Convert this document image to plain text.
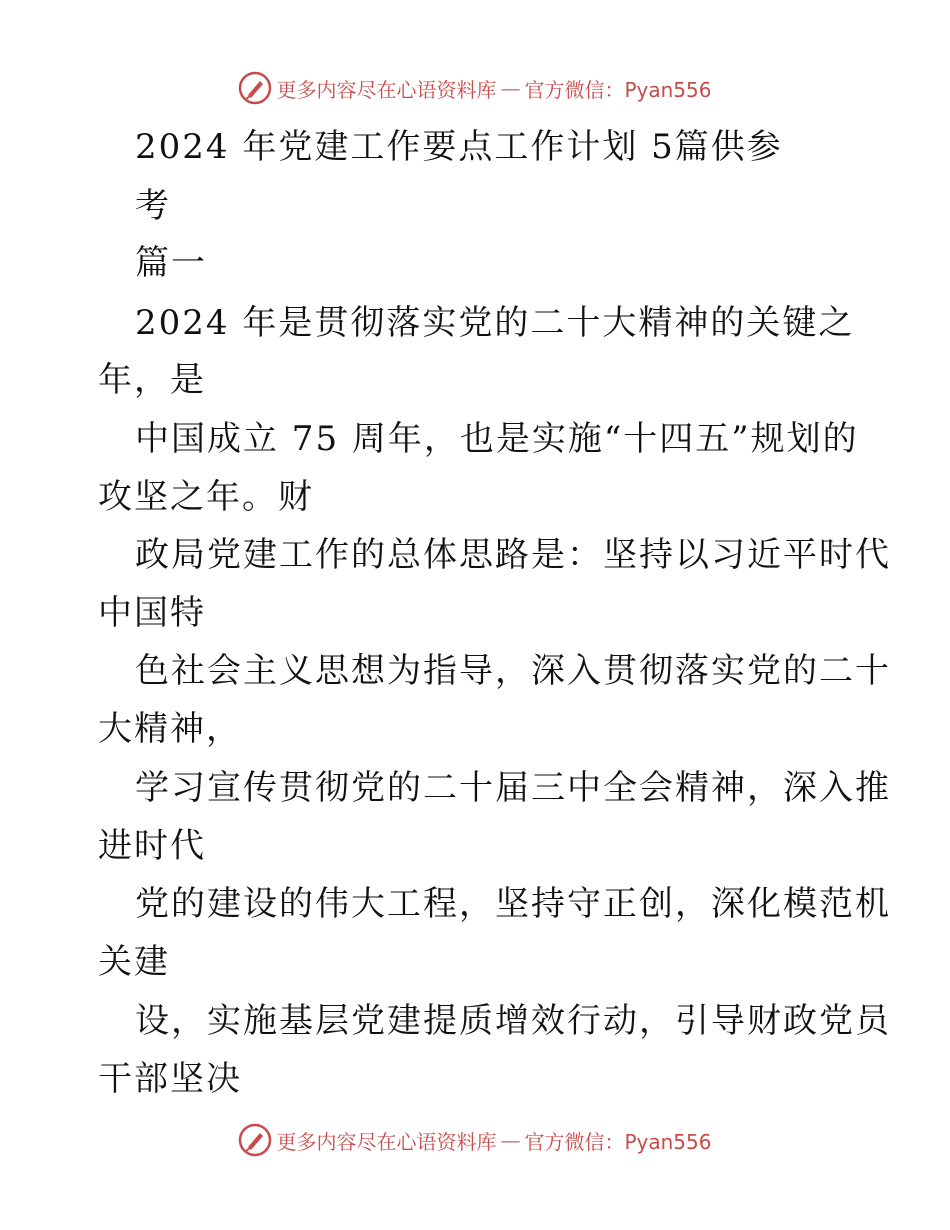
更多内容尽在心语资料库 — 官方微信：Pyan556
2024 年党建工作要点工作计划 5篇供参
考
篇一
2024 年是贯彻落实党的二十大精神的关键之
年，是
中国成立 75 周年，也是实施“十四五”规划的
攻坚之年。财
政局党建工作的总体思路是：坚持以习近平时代
中国特
色社会主义思想为指导，深入贯彻落实党的二十
大精神，
学习宣传贯彻党的二十届三中全会精神，深入推
进时代
党的建设的伟大工程，坚持守正创，深化模范机
关建
设，实施基层党建提质增效行动，引导财政党员
干部坚决
更多内容尽在心语资料库 — 官方微信：Pyan556
